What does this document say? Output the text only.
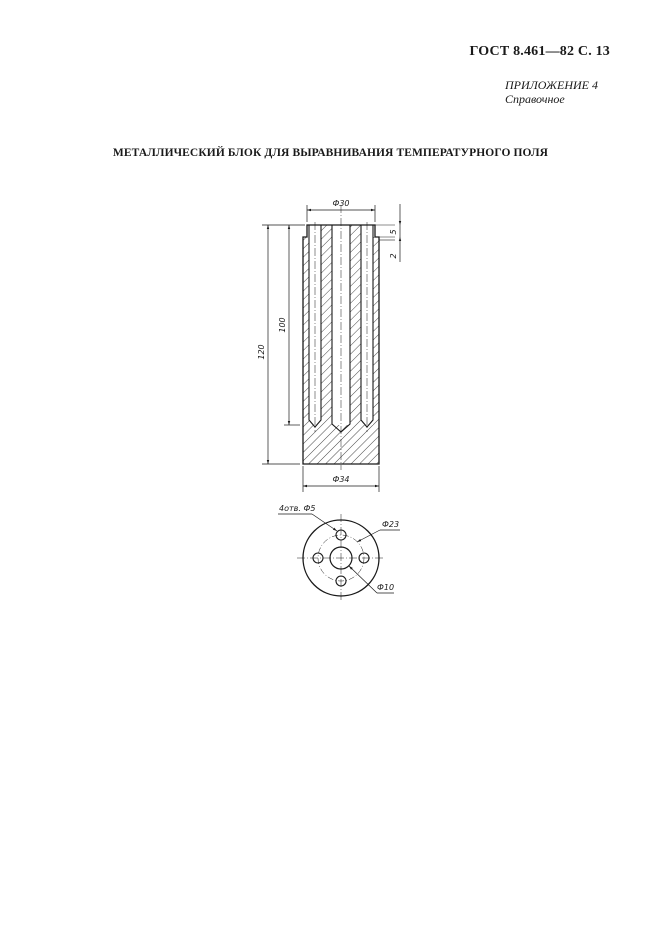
ГОСТ 8.461—82 С. 13
ПРИЛОЖЕНИЕ 4
Справочное
МЕТАЛЛИЧЕСКИЙ БЛОК ДЛЯ ВЫРАВНИВАНИЯ ТЕМПЕРАТУРНОГО ПОЛЯ
Ф30
Ф34
120
100
5
2
4отв. Ф5
Ф23
Ф10
